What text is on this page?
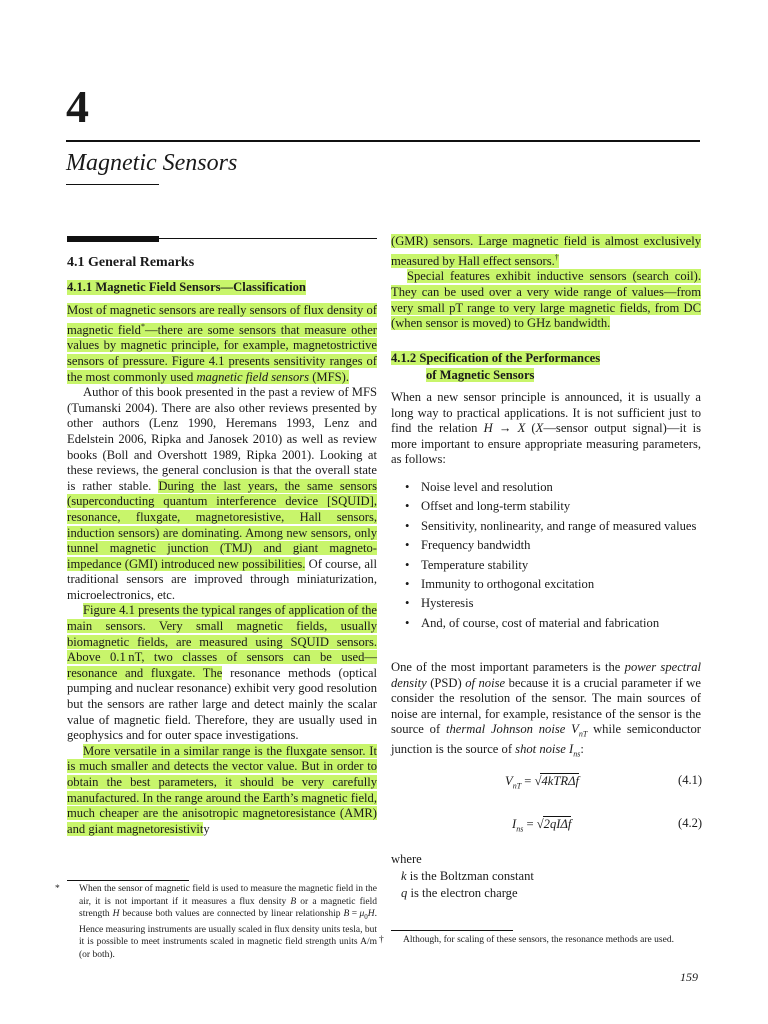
4
Magnetic Sensors
4.1 General Remarks
4.1.1 Magnetic Field Sensors—Classification

Most of magnetic sensors are really sensors of flux density of magnetic field*—there are some sensors that measure other values by magnetic principle, for example, magnetostrictive sensors of pressure. Figure 4.1 presents sensitivity ranges of the most commonly used magnetic field sensors (MFS).

Author of this book presented in the past a review of MFS (Tumanski 2004). There are also other reviews presented by other authors (Lenz 1990, Heremans 1993, Lenz and Edelstein 2006, Ripka and Janosek 2010) as well as review books (Boll and Overshott 1989, Ripka 2001). Looking at these reviews, the general conclusion is that the overall state is rather stable. During the last years, the same sensors (superconducting quantum interference device [SQUID], resonance, fluxgate, magnetoresistive, Hall sensors, induction sensors) are dominating. Among new sensors, only tunnel magnetic junction (TMJ) and giant magneto-impedance (GMI) introduced new possibilities. Of course, all traditional sensors are improved through miniaturization, microelectronics, etc.

Figure 4.1 presents the typical ranges of application of the main sensors. Very small magnetic fields, usually biomagnetic fields, are measured using SQUID sensors. Above 0.1 nT, two classes of sensors can be used—resonance and fluxgate. The resonance methods (optical pumping and nuclear resonance) exhibit very good resolution but the sensors are rather large and detect mainly the scalar value of magnetic field. Therefore, they are usually used in geophysics and for outer space investigations.

More versatile in a similar range is the fluxgate sensor. It is much smaller and detects the vector value. But in order to obtain the best parameters, it should be very carefully manufactured. In the range around the Earth’s magnetic field, much cheaper are the anisotropic magnetoresistance (AMR) and giant magnetoresistivity

* When the sensor of magnetic field is used to measure the magnetic field in the air, it is not important if it measures a flux density B or a magnetic field strength H because both values are connected by linear relationship $B = \mu_0H$. Hence measuring instruments are usually scaled in flux density units tesla, but it is possible to meet instruments scaled in magnetic field strength units A/m (or both).

(GMR) sensors. Large magnetic field is almost exclusively measured by Hall effect sensors.†

Special features exhibit inductive sensors (search coil). They can be used over a very wide range of values—from very small pT range to very large magnetic fields, from DC (when sensor is moved) to GHz bandwidth.

4.1.2 Specification of the Performances
of Magnetic Sensors

When a new sensor principle is announced, it is usually a long way to practical applications. It is not sufficient just to find the relation H → X (X—sensor output signal)—it is more important to ensure appropriate measuring parameters, as follows:

• Noise level and resolution
• Offset and long-term stability
• Sensitivity, nonlinearity, and range of measured values
• Frequency bandwidth
• Temperature stability
• Immunity to orthogonal excitation
• Hysteresis
• And, of course, cost of material and fabrication

One of the most important parameters is the power spectral density (PSD) of noise because it is a crucial parameter if we consider the resolution of the sensor. The main sources of noise are internal, for example, resistance of the sensor is the source of thermal Johnson noise $V_{nT}$ while semiconductor junction is the source of shot noise $I_{ns}$:

$V_{nT} = √4kTR\Delta f$	(4.1)
$I_{ns} = √2qI\Delta f$	(4.2)
where
k is the Boltzman constant
q is the electron charge
† Although, for scaling of these sensors, the resonance methods are used.
159
